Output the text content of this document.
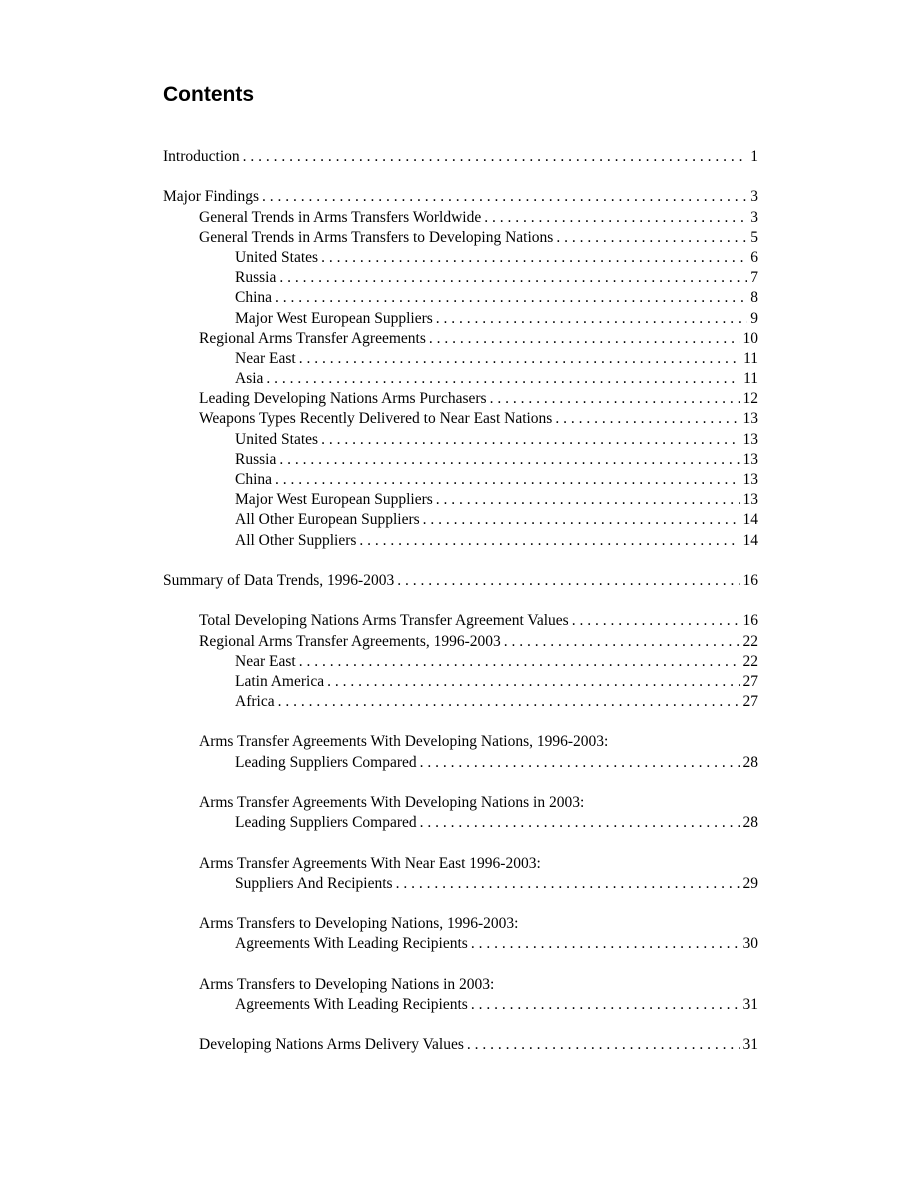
Contents
Introduction . . .	1
Major Findings . . .	3
General Trends in Arms Transfers Worldwide . . .	3
General Trends in Arms Transfers to Developing Nations . . .	5
United States . . .	6
Russia . . .	7
China . . .	8
Major West European Suppliers . . .	9
Regional Arms Transfer Agreements . . .	10
Near East . . .	11
Asia . . .	11
Leading Developing Nations Arms Purchasers . . .	12
Weapons Types Recently Delivered to Near East Nations . . .	13
United States . . .	13
Russia . . .	13
China . . .	13
Major West European Suppliers . . .	13
All Other European Suppliers . . .	14
All Other Suppliers . . .	14
Summary of Data Trends, 1996-2003 . . .	16
Total Developing Nations Arms Transfer Agreement Values . . .	16
Regional Arms Transfer Agreements, 1996-2003 . . .	22
Near East . . .	22
Latin America . . .	27
Africa . . .	27
Arms Transfer Agreements With Developing Nations, 1996-2003:
Leading Suppliers Compared . . .	28
Arms Transfer Agreements With Developing Nations in 2003:
Leading Suppliers Compared . . .	28
Arms Transfer Agreements With Near East 1996-2003:
Suppliers And Recipients . . .	29
Arms Transfers to Developing Nations, 1996-2003:
Agreements With Leading Recipients . . .	30
Arms Transfers to Developing Nations in 2003:
Agreements With Leading Recipients . . .	31
Developing Nations Arms Delivery Values . . .	31
